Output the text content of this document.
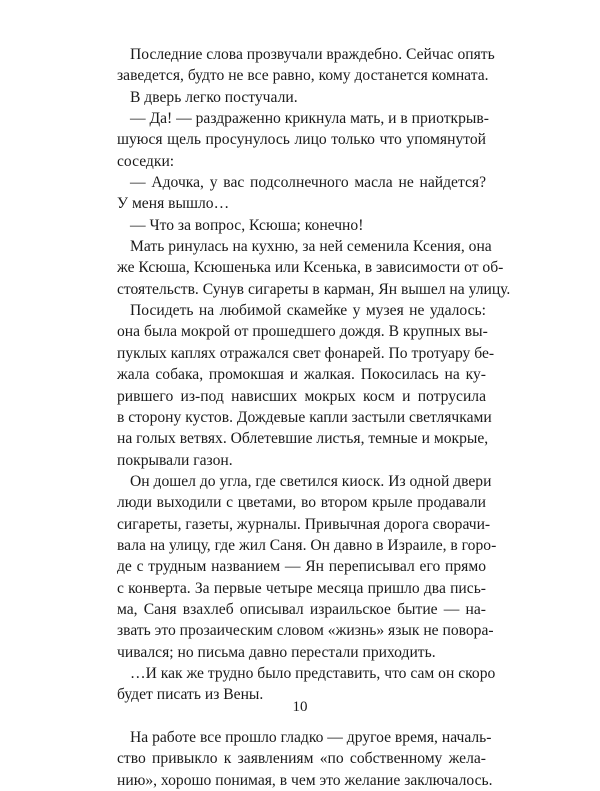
Последние слова прозвучали враждебно. Сейчас опять
заведется, будто не все равно, кому достанется комната.
В дверь легко постучали.
— Да! — раздраженно крикнула мать, и в приоткрыв-
шуюся щель просунулось лицо только что упомянутой
соседки:
— Адочка, у вас подсолнечного масла не найдется?
У меня вышло…
— Что за вопрос, Ксюша; конечно!
Мать ринулась на кухню, за ней семенила Ксения, она
же Ксюша, Ксюшенька или Ксенька, в зависимости от об-
стоятельств. Сунув сигареты в карман, Ян вышел на улицу.
Посидеть на любимой скамейке у музея не удалось:
она была мокрой от прошедшего дождя. В крупных вы-
пуклых каплях отражался свет фонарей. По тротуару бе-
жала собака, промокшая и жалкая. Покосилась на ку-
рившего из-под нависших мокрых косм и потрусила
в сторону кустов. Дождевые капли застыли светлячками
на голых ветвях. Облетевшие листья, темные и мокрые,
покрывали газон.
Он дошел до угла, где светился киоск. Из одной двери
люди выходили с цветами, во втором крыле продавали
сигареты, газеты, журналы. Привычная дорога сворачи-
вала на улицу, где жил Саня. Он давно в Израиле, в горо-
де с трудным названием — Ян переписывал его прямо
с конверта. За первые четыре месяца пришло два пись-
ма, Саня взахлеб описывал израильское бытие — на-
звать это прозаическим словом «жизнь» язык не повора-
чивался; но письма давно перестали приходить.
…И как же трудно было представить, что сам он скоро
будет писать из Вены.
На работе все прошло гладко — другое время, началь-
ство привыкло к заявлениям «по собственному жела-
нию», хорошо понимая, в чем это желание заключалось.
10
